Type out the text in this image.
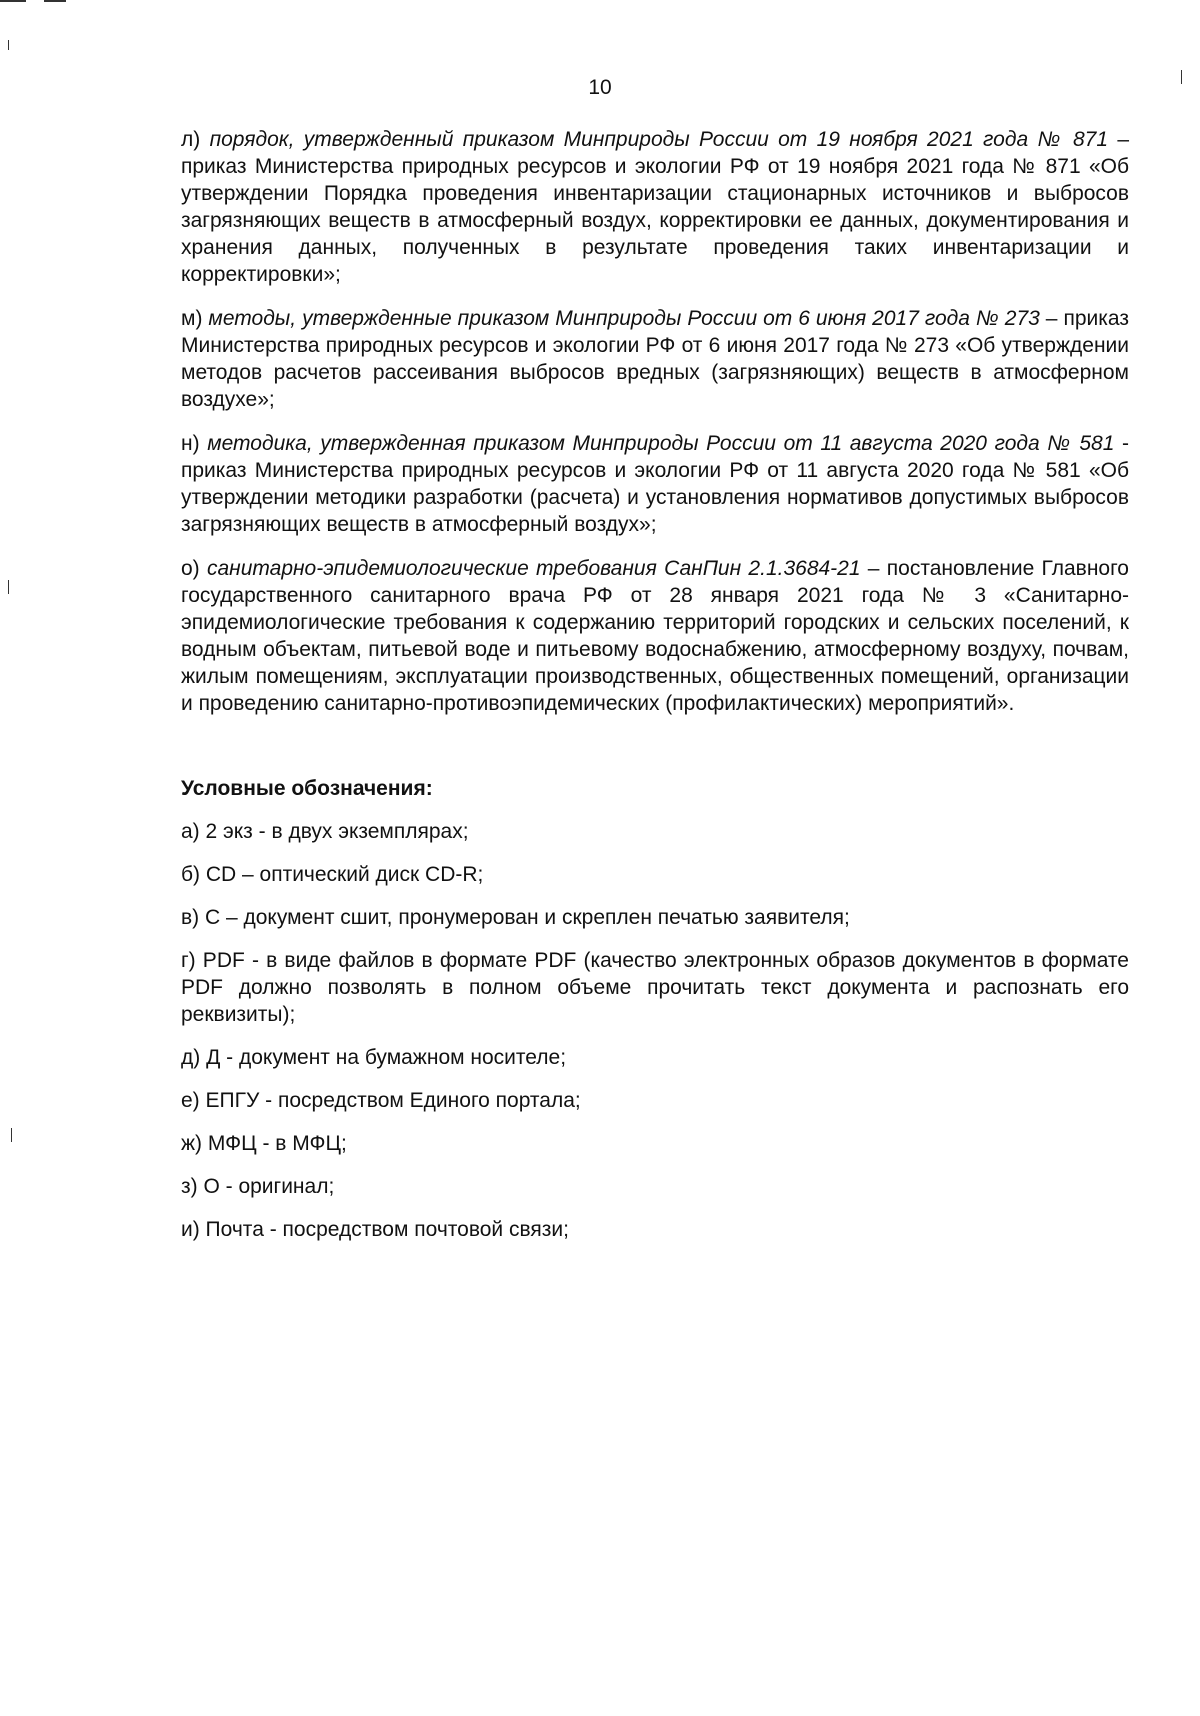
10

л) порядок, утвержденный приказом Минприроды России от 19 ноября 2021 года № 871 – приказ Министерства природных ресурсов и экологии РФ от 19 ноября 2021 года № 871 «Об утверждении Порядка проведения инвентаризации стационарных источников и выбросов загрязняющих веществ в атмосферный воздух, корректировки ее данных, документирования и хранения данных, полученных в результате проведения таких инвентаризации и корректировки»;

м) методы, утвержденные приказом Минприроды России от 6 июня 2017 года № 273 – приказ Министерства природных ресурсов и экологии РФ от 6 июня 2017 года № 273 «Об утверждении методов расчетов рассеивания выбросов вредных (загрязняющих) веществ в атмосферном воздухе»;

н) методика, утвержденная приказом Минприроды России от 11 августа 2020 года № 581 - приказ Министерства природных ресурсов и экологии РФ от 11 августа 2020 года № 581 «Об утверждении методики разработки (расчета) и установления нормативов допустимых выбросов загрязняющих веществ в атмосферный воздух»;

о) санитарно-эпидемиологические требования СанПин 2.1.3684-21 – постановление Главного государственного санитарного врача РФ от 28 января 2021 года № 3 «Санитарно-эпидемиологические требования к содержанию территорий городских и сельских поселений, к водным объектам, питьевой воде и питьевому водоснабжению, атмосферному воздуху, почвам, жилым помещениям, эксплуатации производственных, общественных помещений, организации и проведению санитарно-противоэпидемических (профилактических) мероприятий».

Условные обозначения:
а) 2 экз - в двух экземплярах;
б) CD – оптический диск CD-R;
в) С – документ сшит, пронумерован и скреплен печатью заявителя;
г) PDF - в виде файлов в формате PDF (качество электронных образов документов в формате PDF должно позволять в полном объеме прочитать текст документа и распознать его реквизиты);
д) Д - документ на бумажном носителе;
е) ЕПГУ - посредством Единого портала;
ж) МФЦ - в МФЦ;
з) О - оригинал;
и) Почта - посредством почтовой связи;
